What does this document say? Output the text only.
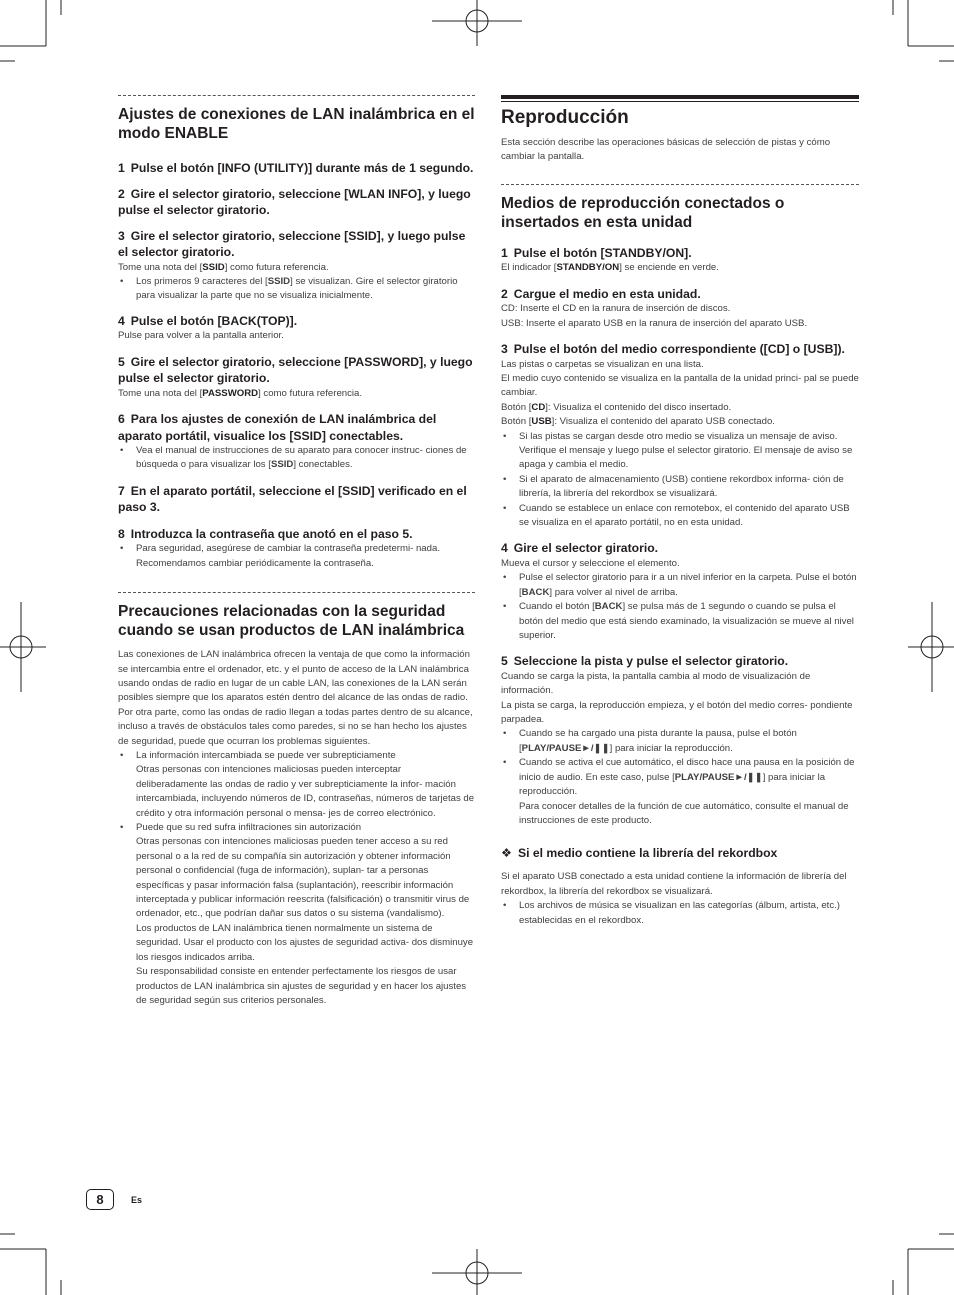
Ajustes de conexiones de LAN inalámbrica en el modo ENABLE

1 Pulse el botón [INFO (UTILITY)] durante más de 1 segundo.

2 Gire el selector giratorio, seleccione [WLAN INFO], y luego pulse el selector giratorio.

3 Gire el selector giratorio, seleccione [SSID], y luego pulse el selector giratorio.

Tome una nota del [SSID] como futura referencia.

• Los primeros 9 caracteres del [SSID] se visualizan. Gire el selector giratorio para visualizar la parte que no se visualiza inicialmente.

4 Pulse el botón [BACK(TOP)].

Pulse para volver a la pantalla anterior.

5 Gire el selector giratorio, seleccione [PASSWORD], y luego pulse el selector giratorio.

Tome una nota del [PASSWORD] como futura referencia.

6 Para los ajustes de conexión de LAN inalámbrica del aparato portátil, visualice los [SSID] conectables.

• Vea el manual de instrucciones de su aparato para conocer instruc- ciones de búsqueda o para visualizar los [SSID] conectables.

7 En el aparato portátil, seleccione el [SSID] verificado en el paso 3.

8 Introduzca la contraseña que anotó en el paso 5.

• Para seguridad, asegúrese de cambiar la contraseña predetermi- nada. Recomendamos cambiar periódicamente la contraseña.
Precauciones relacionadas con la seguridad cuando se usan productos de LAN inalámbrica

Las conexiones de LAN inalámbrica ofrecen la ventaja de que como la información se intercambia entre el ordenador, etc. y el punto de acceso de la LAN inalámbrica usando ondas de radio en lugar de un cable LAN, las conexiones de la LAN serán posibles siempre que los aparatos estén dentro del alcance de las ondas de radio.

Por otra parte, como las ondas de radio llegan a todas partes dentro de su alcance, incluso a través de obstáculos tales como paredes, si no se han hecho los ajustes de seguridad, puede que ocurran los problemas siguientes.

• La información intercambiada se puede ver subrepticiamente
Otras personas con intenciones maliciosas pueden interceptar deliberadamente las ondas de radio y ver subrepticiamente la infor- mación intercambiada, incluyendo números de ID, contraseñas, números de tarjetas de crédito y otra información personal o mensa- jes de correo electrónico.
• Puede que su red sufra infiltraciones sin autorización
Otras personas con intenciones maliciosas pueden tener acceso a su red personal o a la red de su compañía sin autorización y obtener información personal o confidencial (fuga de información), suplan- tar a personas específicas y pasar información falsa (suplantación), reescribir información interceptada y publicar información reescrita (falsificación) o transmitir virus de ordenador, etc., que podrían dañar sus datos o su sistema (vandalismo).
Los productos de LAN inalámbrica tienen normalmente un sistema de seguridad. Usar el producto con los ajustes de seguridad activa- dos disminuye los riesgos indicados arriba.
Su responsabilidad consiste en entender perfectamente los riesgos de usar productos de LAN inalámbrica sin ajustes de seguridad y en hacer los ajustes de seguridad según sus criterios personales.
Reproducción

Esta sección describe las operaciones básicas de selección de pistas y cómo cambiar la pantalla.

Medios de reproducción conectados o insertados en esta unidad

1 Pulse el botón [STANDBY/ON].

El indicador [STANDBY/ON] se enciende en verde.

2 Cargue el medio en esta unidad.

CD: Inserte el CD en la ranura de inserción de discos.

USB: Inserte el aparato USB en la ranura de inserción del aparato USB.

3 Pulse el botón del medio correspondiente ([CD] o [USB]).

Las pistas o carpetas se visualizan en una lista.

El medio cuyo contenido se visualiza en la pantalla de la unidad princi- pal se puede cambiar.

Botón [CD]: Visualiza el contenido del disco insertado.

Botón [USB]: Visualiza el contenido del aparato USB conectado.

• Si las pistas se cargan desde otro medio se visualiza un mensaje de aviso. Verifique el mensaje y luego pulse el selector giratorio. El mensaje de aviso se apaga y cambia el medio.
• Si el aparato de almacenamiento (USB) contiene rekordbox informa- ción de librería, la librería del rekordbox se visualizará.
• Cuando se establece un enlace con remotebox, el contenido del aparato USB se visualiza en el aparato portátil, no en esta unidad.

4 Gire el selector giratorio.

Mueva el cursor y seleccione el elemento.

• Pulse el selector giratorio para ir a un nivel inferior en la carpeta. Pulse el botón [BACK] para volver al nivel de arriba.
• Cuando el botón [BACK] se pulsa más de 1 segundo o cuando se pulsa el botón del medio que está siendo examinado, la visualización se mueve al nivel superior.

5 Seleccione la pista y pulse el selector giratorio.

Cuando se carga la pista, la pantalla cambia al modo de visualización de información.

La pista se carga, la reproducción empieza, y el botón del medio corres- pondiente parpadea.

• Cuando se ha cargado una pista durante la pausa, pulse el botón [PLAY/PAUSE►/❚❚] para iniciar la reproducción.
• Cuando se activa el cue automático, el disco hace una pausa en la posición de inicio de audio. En este caso, pulse [PLAY/PAUSE►/❚❚] para iniciar la reproducción.
Para conocer detalles de la función de cue automático, consulte el manual de instrucciones de este producto.

❖ Si el medio contiene la librería del rekordbox

Si el aparato USB conectado a esta unidad contiene la información de librería del rekordbox, la librería del rekordbox se visualizará.

• Los archivos de música se visualizan en las categorías (álbum, artista, etc.) establecidas en el rekordbox.
8	Es
